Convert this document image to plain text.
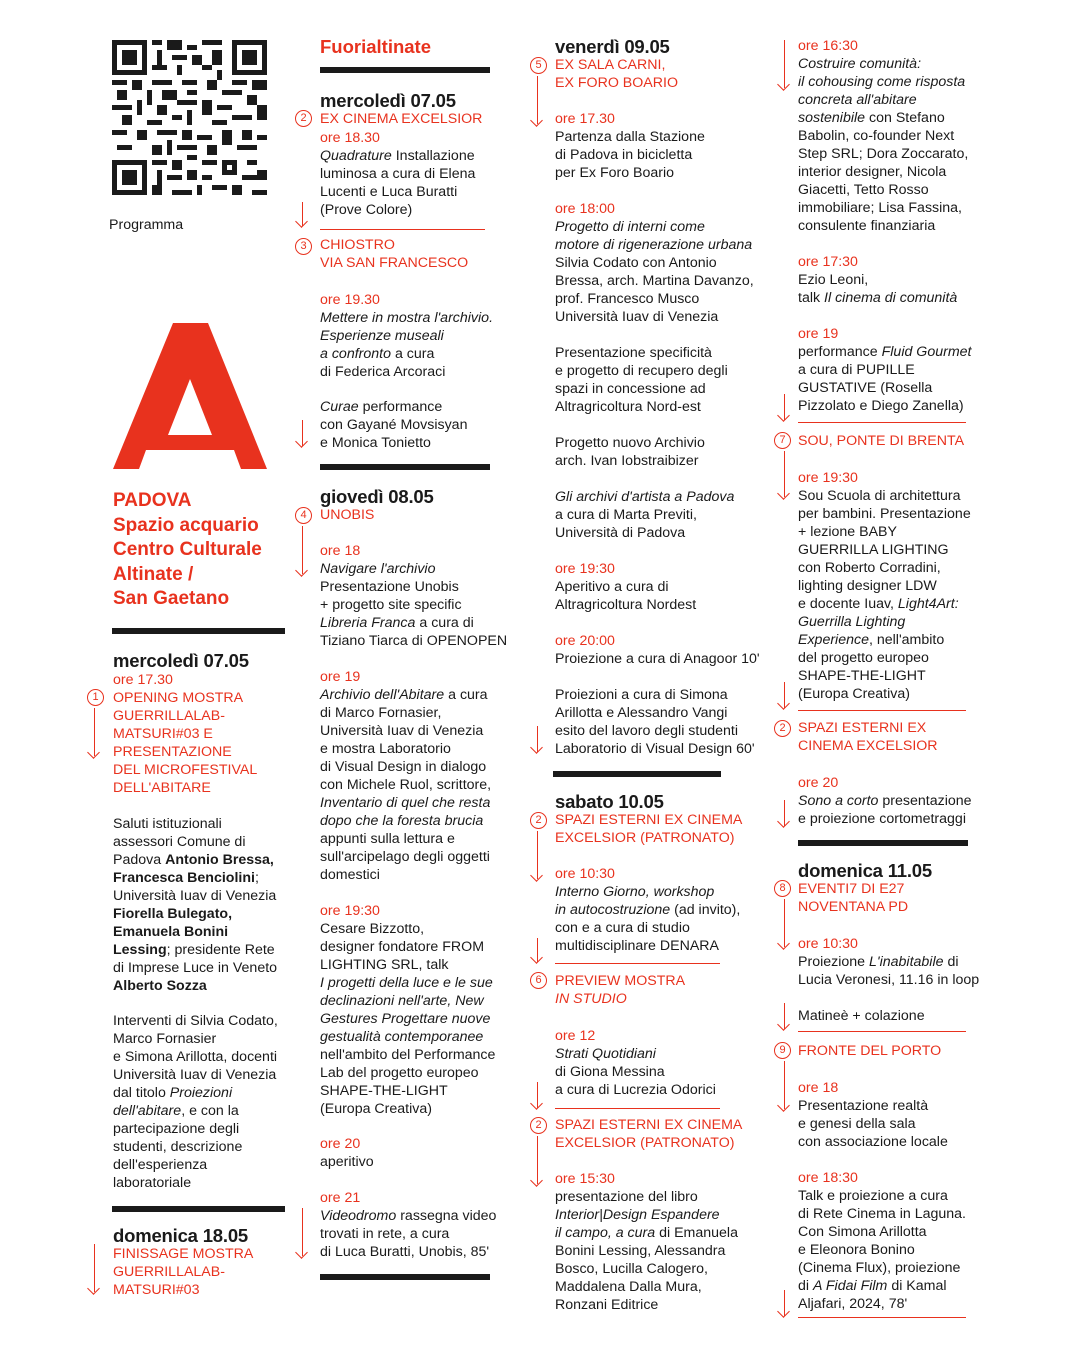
Programma
PADOVA
Spazio acquario
Centro Culturale
Altinate /
San Gaetano
mercoledì 07.05
ore 17.30
1	OPENING MOSTRA
GUERRILLALAB-
MATSURI#03 E
PRESENTAZIONE
DEL MICROFESTIVAL
DELL'ABITARE
Saluti istituzionali
assessori Comune di
Padova Antonio Bressa,
Francesca Benciolini;
Università Iuav di Venezia
Fiorella Bulegato,
Emanuela Bonini
Lessing; presidente Rete
di Imprese Luce in Veneto
Alberto Sozza
Interventi di Silvia Codato,
Marco Fornasier
e Simona Arillotta, docenti
Università Iuav di Venezia
dal titolo Proiezioni
dell'abitare, e con la
partecipazione degli
studenti, descrizione
dell'esperienza
laboratoriale
domenica 18.05
FINISSAGE MOSTRA
GUERRILLALAB-
MATSURI#03
Fuorialtinate
mercoledì 07.05
2 EX CINEMA EXCELSIOR
ore 18.30
Quadrature Installazione
luminosa a cura di Elena
Lucenti e Luca Buratti
(Prove Colore)
3 CHIOSTRO
VIA SAN FRANCESCO
ore 19.30
Mettere in mostra l'archivio.
Esperienze museali
a confronto a cura
di Federica Arcoraci
Curae performance
con Gayané Movsisyan
e Monica Tonietto
giovedì 08.05
4 UNOBIS
ore 18
Navigare l'archivio
Presentazione Unobis
+ progetto site specific
Libreria Franca a cura di
Tiziano Tiarca di OPENOPEN
ore 19
Archivio dell'Abitare a cura
di Marco Fornasier,
Università Iuav di Venezia
e mostra Laboratorio
di Visual Design in dialogo
con Michele Ruol, scrittore,
Inventario di quel che resta
dopo che la foresta brucia
appunti sulla lettura e
sull'arcipelago degli oggetti
domestici
ore 19:30
Cesare Bizzotto,
designer fondatore FROM
LIGHTING SRL, talk
I progetti della luce e le sue
declinazioni nell'arte, New
Gestures Progettare nuove
gestualità contemporanee
nell'ambito del Performance
Lab del progetto europeo
SHAPE-THE-LIGHT
(Europa Creativa)
ore 20
aperitivo
ore 21
Videodromo rassegna video
trovati in rete, a cura
di Luca Buratti, Unobis, 85'
venerdì 09.05
5 EX SALA CARNI,
EX FORO BOARIO
ore 17.30
Partenza dalla Stazione
di Padova in bicicletta
per Ex Foro Boario
ore 18:00
Progetto di interni come
motore di rigenerazione urbana
Silvia Codato con Antonio
Bressa, arch. Martina Davanzo,
prof. Francesco Musco
Università Iuav di Venezia
Presentazione specificità
e progetto di recupero degli
spazi in concessione ad
Altragricoltura Nord-est
Progetto nuovo Archivio
arch. Ivan Iobstraibizer
Gli archivi d'artista a Padova
a cura di Marta Previti,
Università di Padova
ore 19:30
Aperitivo a cura di
Altragricoltura Nordest
ore 20:00
Proiezione a cura di Anagoor 10'
Proiezioni a cura di Simona
Arillotta e Alessandro Vangi
esito del lavoro degli studenti
Laboratorio di Visual Design 60'
sabato 10.05
2 SPAZI ESTERNI EX CINEMA
EXCELSIOR (PATRONATO)
ore 10:30
Interno Giorno, workshop
in autocostruzione (ad invito),
con e a cura di studio
multidisciplinare DENARA
6 PREVIEW MOSTRA
IN STUDIO
ore 12
Strati Quotidiani
di Giona Messina
a cura di Lucrezia Odorici
2 SPAZI ESTERNI EX CINEMA
EXCELSIOR (PATRONATO)
ore 15:30
presentazione del libro
Interior|Design Espandere
il campo, a cura di Emanuela
Bonini Lessing, Alessandra
Bosco, Lucilla Calogero,
Maddalena Dalla Mura,
Ronzani Editrice
ore 16:30
Costruire comunità:
il cohousing come risposta
concreta all'abitare
sostenibile con Stefano
Babolin, co-founder Next
Step SRL; Dora Zoccarato,
interior designer, Nicola
Giacetti, Tetto Rosso
immobiliare; Lisa Fassina,
consulente finanziaria
ore 17:30
Ezio Leoni,
talk Il cinema di comunità
ore 19
performance Fluid Gourmet
a cura di PUPILLE
GUSTATIVE (Rosella
Pizzolato e Diego Zanella)
7 SOU, PONTE DI BRENTA
ore 19:30
Sou Scuola di architettura
per bambini. Presentazione
+ lezione BABY
GUERRILLA LIGHTING
con Roberto Corradini,
lighting designer LDW
e docente Iuav, Light4Art:
Guerrilla Lighting
Experience, nell'ambito
del progetto europeo
SHAPE-THE-LIGHT
(Europa Creativa)
2 SPAZI ESTERNI EX
CINEMA EXCELSIOR
ore 20
Sono a corto presentazione
e proiezione cortometraggi
domenica 11.05
8 EVENTI7 DI E27
NOVENTANA PD
ore 10:30
Proiezione L'inabitabile di
Lucia Veronesi, 11.16 in loop
Matineè + colazione
9 FRONTE DEL PORTO
ore 18
Presentazione realtà
e genesi della sala
con associazione locale
ore 18:30
Talk e proiezione a cura
di Rete Cinema in Laguna.
Con Simona Arillotta
e Eleonora Bonino
(Cinema Flux), proiezione
di A Fidai Film di Kamal
Aljafari, 2024, 78'
